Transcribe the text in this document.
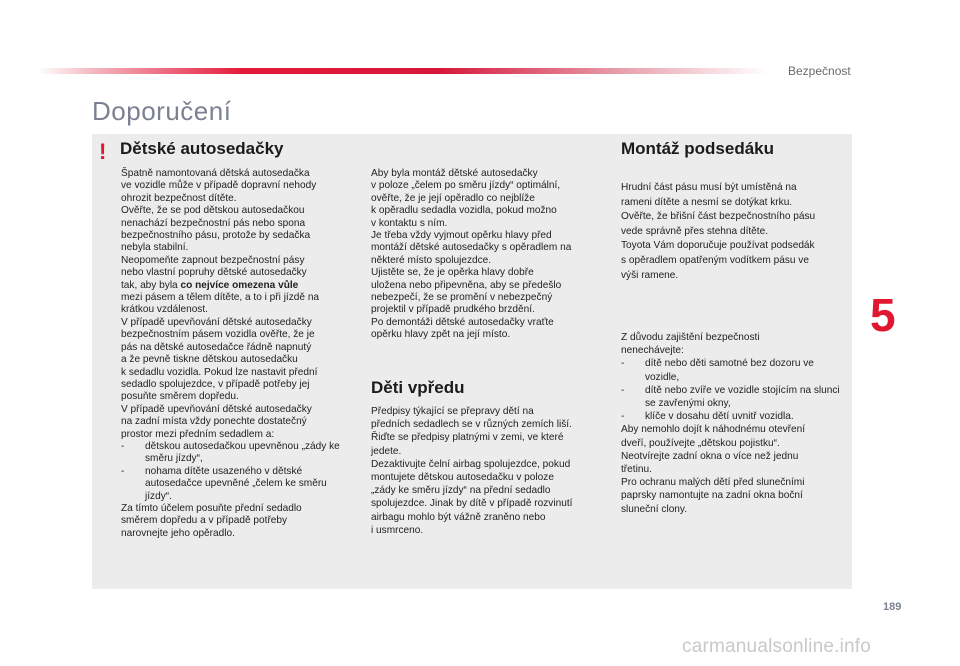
Bezpečnost
Doporučení
! Dětské autosedačky	Montáž podsedáku
Děti vpředu

Špatně namontovaná dětská autosedačka

ve vozidle může v případě dopravní nehody

ohrozit bezpečnost dítěte.

Ověřte, že se pod dětskou autosedačkou

nenachází bezpečnostní pás nebo spona

bezpečnostního pásu, protože by sedačka

nebyla stabilní.

Neopomeňte zapnout bezpečnostní pásy

nebo vlastní popruhy dětské autosedačky

tak, aby byla co nejvíce omezena vůle

mezi pásem a tělem dítěte, a to i při jízdě na

krátkou vzdálenost.

V případě upevňování dětské autosedačky

bezpečnostním pásem vozidla ověřte, že je

pás na dětské autosedačce řádně napnutý

a že pevně tiskne dětskou autosedačku

k sedadlu vozidla. Pokud lze nastavit přední

sedadlo spolujezdce, v případě potřeby jej

posuňte směrem dopředu.

V případě upevňování dětské autosedačky

na zadní místa vždy ponechte dostatečný

prostor mezi předním sedadlem a:

- dětskou autosedačkou upevněnou „zády ke směru jízdy“,

- nohama dítěte usazeného v dětské autosedačce upevněné „čelem ke směru jízdy“.

Za tímto účelem posuňte přední sedadlo

směrem dopředu a v případě potřeby

narovnejte jeho opěradlo.

Aby byla montáž dětské autosedačky

v poloze „čelem po směru jízdy“ optimální,

ověřte, že je její opěradlo co nejblíže

k opěradlu sedadla vozidla, pokud možno

v kontaktu s ním.

Je třeba vždy vyjmout opěrku hlavy před

montáží dětské autosedačky s opěradlem na

některé místo spolujezdce.

Ujistěte se, že je opěrka hlavy dobře

uložena nebo připevněna, aby se předešlo

nebezpečí, že se promění v nebezpečný

projektil v případě prudkého brzdění.

Po demontáži dětské autosedačky vraťte

opěrku hlavy zpět na její místo.

Předpisy týkající se přepravy dětí na

předních sedadlech se v různých zemích liší.

Řiďte se předpisy platnými v zemi, ve které

jedete.

Dezaktivujte čelní airbag spolujezdce, pokud

montujete dětskou autosedačku v poloze

„zády ke směru jízdy“ na přední sedadlo

spolujezdce. Jinak by dítě v případě rozvinutí

airbagu mohlo být vážně zraněno nebo

i usmrceno.

Hrudní část pásu musí být umístěná na

rameni dítěte a nesmí se dotýkat krku.

Ověřte, že břišní část bezpečnostního pásu

vede správně přes stehna dítěte.

Toyota Vám doporučuje používat podsedák

s opěradlem opatřeným vodítkem pásu ve

výši ramene.

Z důvodu zajištění bezpečnosti

nenechávejte:

- dítě nebo děti samotné bez dozoru ve vozidle,

- dítě nebo zvíře ve vozidle stojícím na slunci se zavřenými okny,

- klíče v dosahu dětí uvnitř vozidla.

Aby nemohlo dojít k náhodnému otevření

dveří, používejte „dětskou pojistku“.

Neotvírejte zadní okna o více než jednu

třetinu.

Pro ochranu malých dětí před slunečními

paprsky namontujte na zadní okna boční

sluneční clony.

5
189
carmanualsonline.info
